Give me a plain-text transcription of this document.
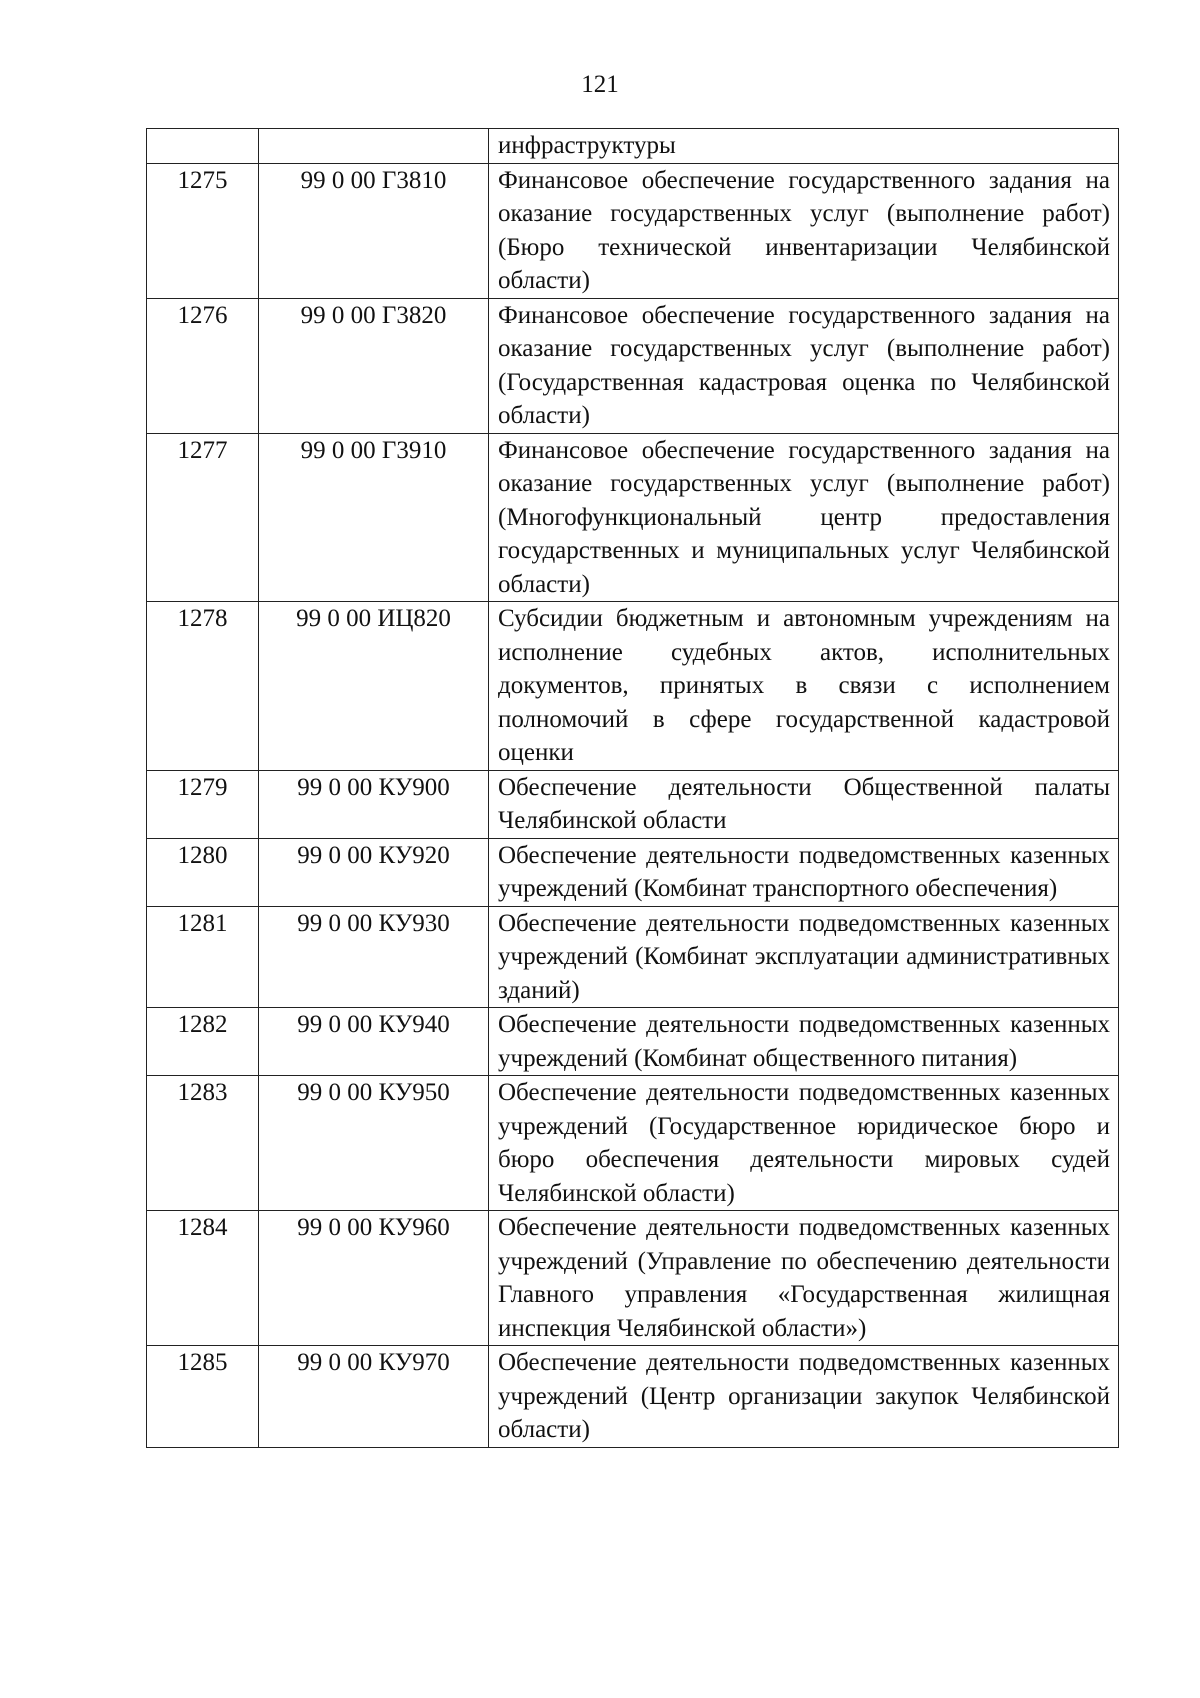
121

		инфраструктуры

1275	99 0 00 Г3810	Финансовое обеспечение государственного задания на оказание государственных услуг (выполнение работ) (Бюро технической инвентаризации Челябинской области)

1276	99 0 00 Г3820	Финансовое обеспечение государственного задания на оказание государственных услуг (выполнение работ) (Государственная кадастровая оценка по Челябинской области)

1277	99 0 00 Г3910	Финансовое обеспечение государственного задания на оказание государственных услуг (выполнение работ) (Многофункциональный центр предоставления государственных и муниципальных услуг Челябинской области)

1278	99 0 00 ИЦ820	Субсидии бюджетным и автономным учреждениям на исполнение судебных актов, исполнительных документов, принятых в связи с исполнением полномочий в сфере государственной кадастровой оценки

1279	99 0 00 КУ900	Обеспечение деятельности Общественной палаты Челябинской области

1280	99 0 00 КУ920	Обеспечение деятельности подведомственных казенных учреждений (Комбинат транспортного обеспечения)

1281	99 0 00 КУ930	Обеспечение деятельности подведомственных казенных учреждений (Комбинат эксплуатации административных зданий)

1282	99 0 00 КУ940	Обеспечение деятельности подведомственных казенных учреждений (Комбинат общественного питания)

1283	99 0 00 КУ950	Обеспечение деятельности подведомственных казенных учреждений (Государственное юридическое бюро и бюро обеспечения деятельности мировых судей Челябинской области)

1284	99 0 00 КУ960	Обеспечение деятельности подведомственных казенных учреждений (Управление по обеспечению деятельности Главного управления «Государственная жилищная инспекция Челябинской области»)

1285	99 0 00 КУ970	Обеспечение деятельности подведомственных казенных учреждений (Центр организации закупок Челябинской области)
